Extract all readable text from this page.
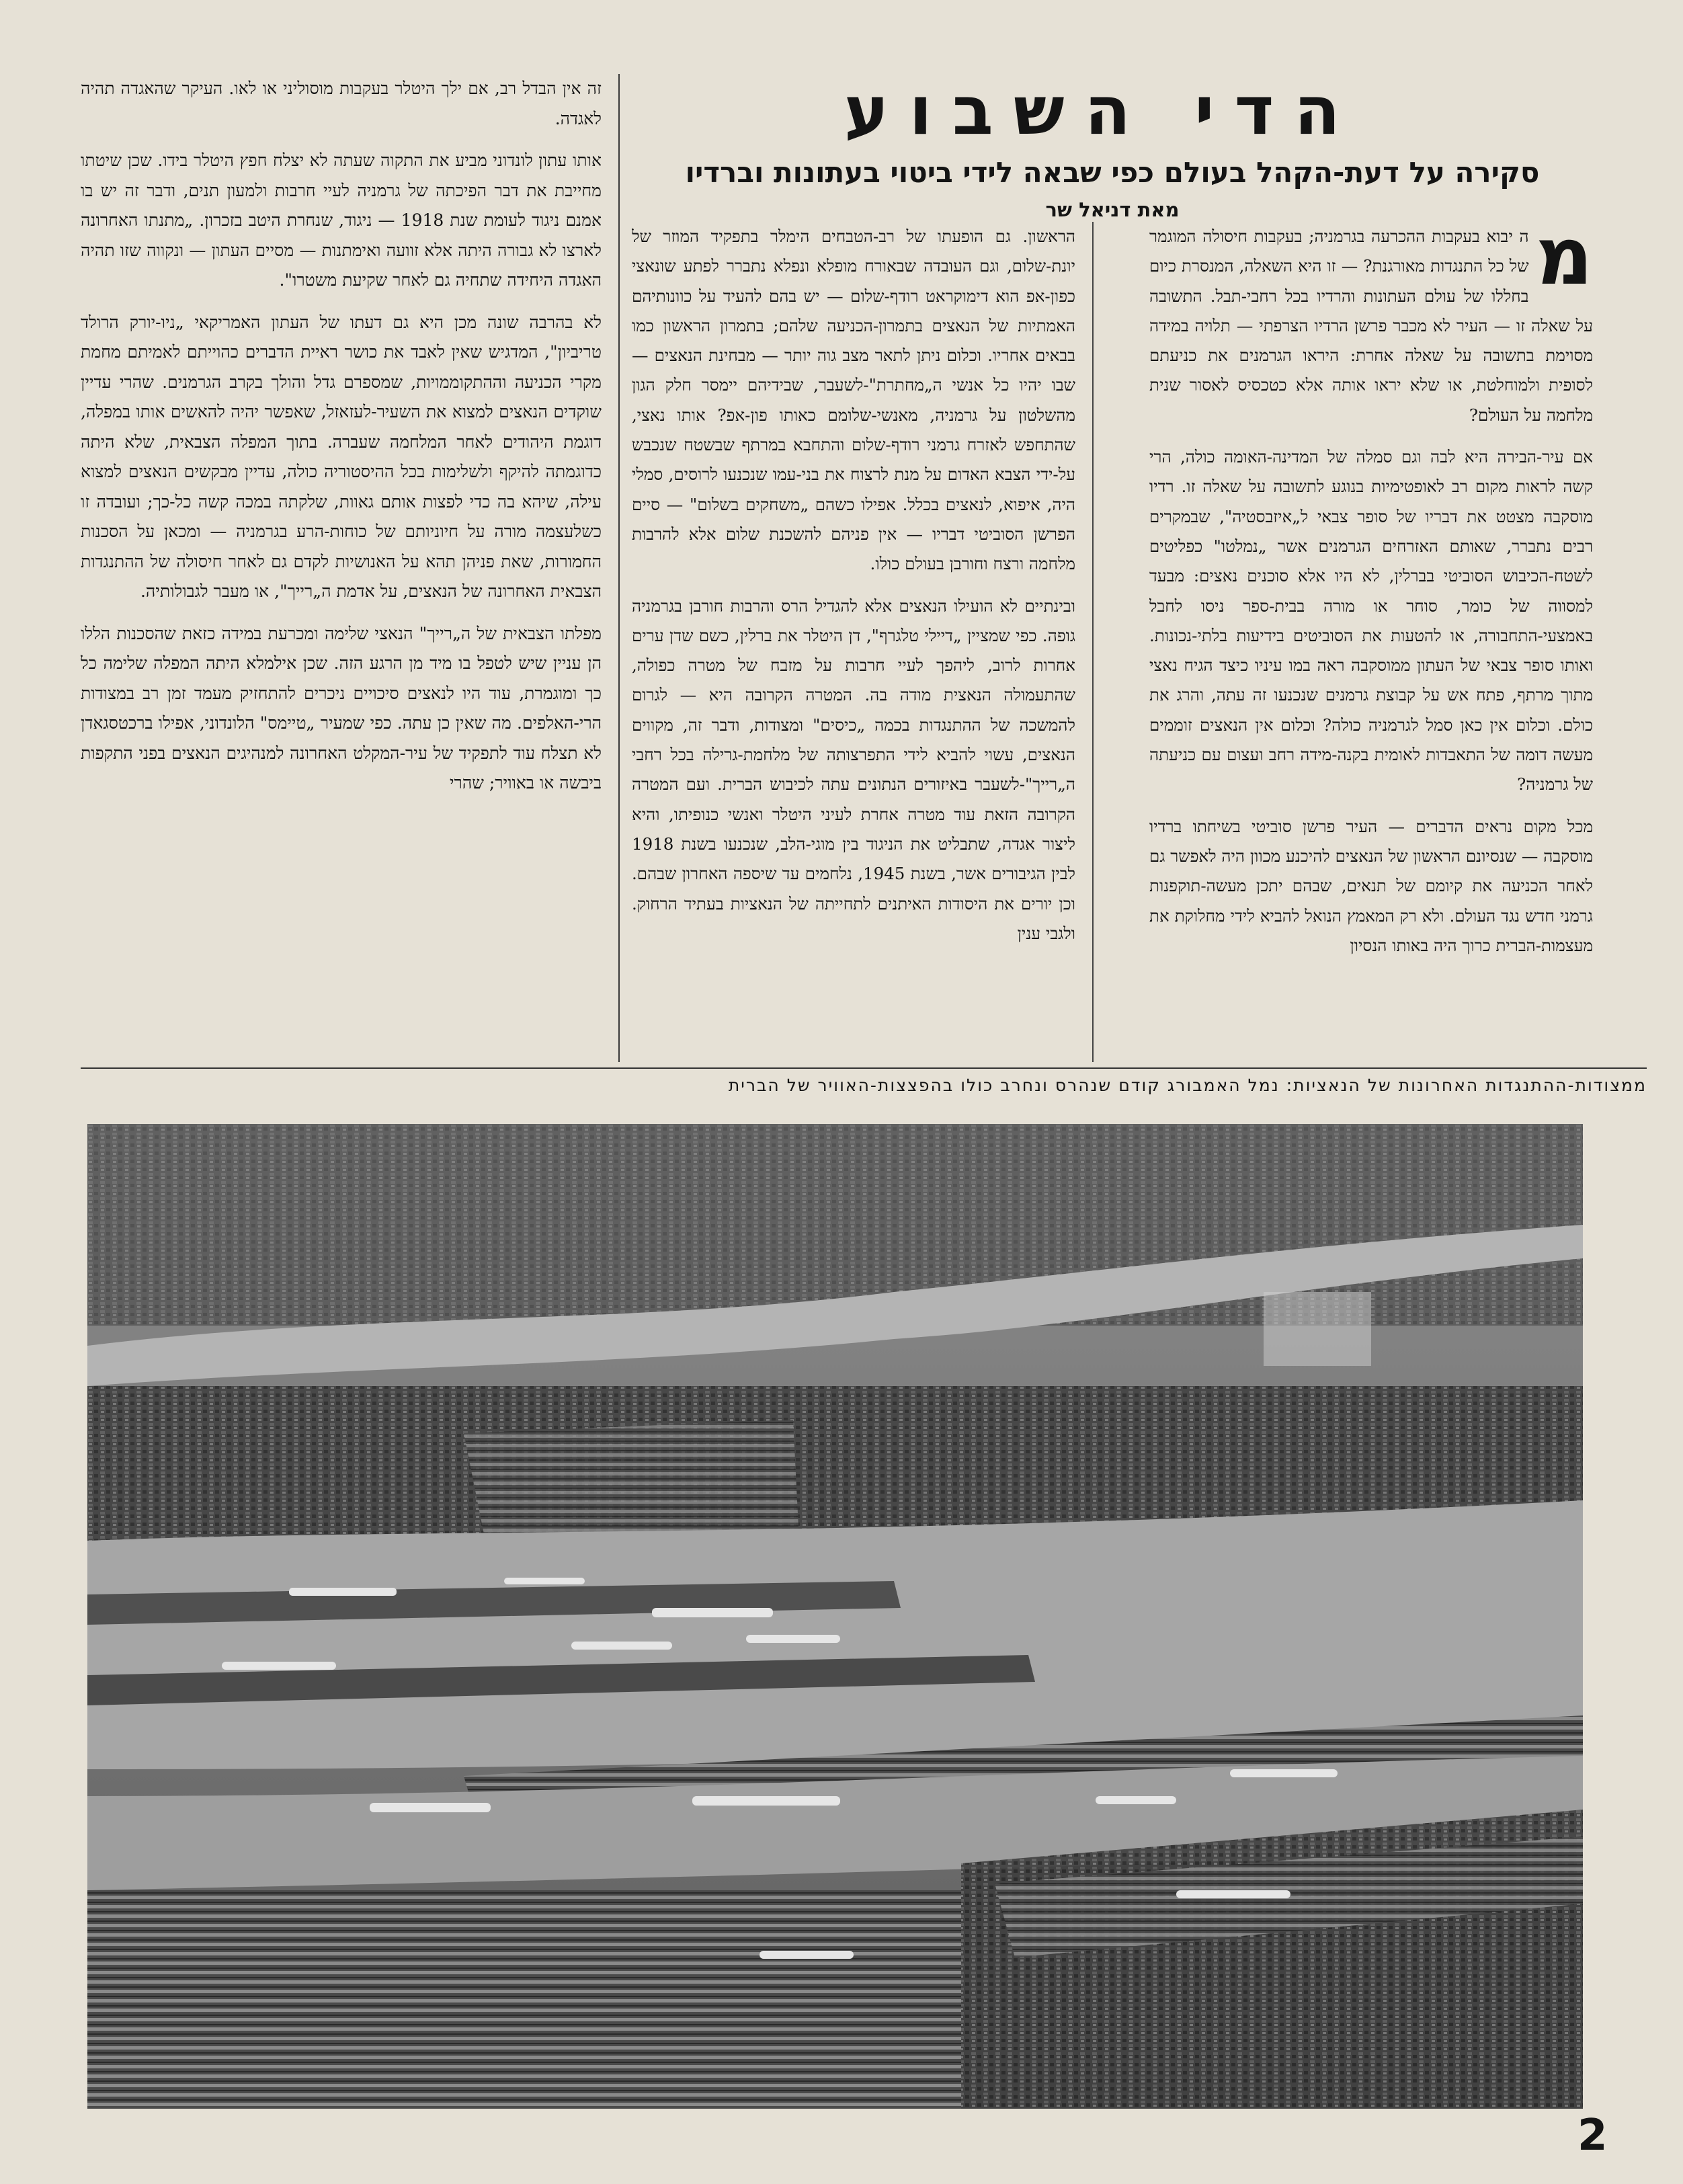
זה אין הבדל רב, אם ילך היטלר בעקבות מוסוליני או לאו. העיקר שהאגדה תהיה לאגדה.

אותו עתון לונדוני מביע את התקוה שעתה לא יצלח חפץ היטלר בידו. שכן שיטתו מחייבת את דבר הפיכתה של גרמניה לעיי חרבות ולמעון תנים, ודבר זה יש בו אמנם ניגוד לעומת שנת 1918 — ניגוד, שנחרת היטב בזכרון. „מתנתו האחרונה לארצו לא גבורה היתה אלא זוועה ואימתנות — מסיים העתון — ונקווה שזו תהיה האגדה היחידה שתחיה גם לאחר שקיעת משטרו".

לא בהרבה שונה מכן היא גם דעתו של העתון האמריקאי „ניו-יורק הרולד טריביון", המדגיש שאין לאבד את כושר ראיית הדברים כהוייתם לאמיתם מחמת מקרי הכניעה וההתקוממויות, שמספרם גדל והולך בקרב הגרמנים. שהרי עדיין שוקדים הנאצים למצוא את השעיר-לעזאזל, שאפשר יהיה להאשים אותו במפלה, דוגמת היהודים לאחר המלחמה שעברה. בתוך המפלה הצבאית, שלא היתה כדוגמתה להיקף ולשלימות בכל ההיסטוריה כולה, עדיין מבקשים הנאצים למצוא עילה, שיהא בה כדי לפצות אותם גאוות, שלקתה במכה קשה כל-כך; ועובדה זו כשלעצמה מורה על חיוניותם של כוחות-הרע בגרמניה — ומכאן על הסכנות החמורות, שאת פניהן תהא על האנושיות לקדם גם לאחר חיסולה של ההתנגדות הצבאית האחרונה של הנאצים, על אדמת ה„רייך", או מעבר לגבולותיה.

מפלתו הצבאית של ה„רייך" הנאצי שלימה ומכרעת במידה כזאת שהסכנות הללו הן עניין שיש לטפל בו מיד מן הרגע הזה. שכן אילמלא היתה המפלה שלימה כל כך ומוגמרת, עוד היו לנאצים סיכויים ניכרים להתחזיק מעמד זמן רב במצודות הרי-האלפים. מה שאין כן עתה. כפי שמעיר „טיימס" הלונדוני, אפילו ברכטסגאדן לא תצלח עוד לתפקיד של עיר-המקלט האחרונה למנהיגים הנאצים בפני התקפות ביבשה או באוויר; שהרי

הדי השבוע
סקירה על דעת-הקהל בעולם כפי שבאה לידי ביטוי בעתונות וברדיו
מאת דניאל שר	מ
ה יבוא בעקבות ההכרעה בגרמניה; בעקבות חיסולה המוגמר של כל התנגדות מאורגנת? — זו היא השאלה, המנסרת כיום בחללו של עולם העתונות והרדיו בכל רחבי-תבל. התשובה על שאלה זו — העיר לא מכבר פרשן הרדיו הצרפתי — תלויה במידה מסוימת בתשובה על שאלה אחרת: היראו הגרמנים את כניעתם לסופית ולמוחלטת, או שלא יראו אותה אלא כטכסיס לאסור שנית מלחמה על העולם?

אם עיר-הבירה היא לבה וגם סמלה של המדינה-האומה כולה, הרי קשה לראות מקום רב לאופטימיות בנוגע לתשובה על שאלה זו. רדיו מוסקבה מצטט את דבריו של סופר צבאי ל„איזבסטיה", שבמקרים רבים נתברר, שאותם האזרחים הגרמנים אשר „נמלטו" כפליטים לשטח-הכיבוש הסוביטי בברלין, לא היו אלא סוכנים נאצים: מבעד למסווה של כומר, סוחר או מורה בבית-ספר ניסו לחבל באמצעי-התחבורה, או להטעות את הסוביטים בידיעות בלתי-נכונות. ואותו סופר צבאי של העתון ממוסקבה ראה במו עיניו כיצד הגיח נאצי מתוך מרתף, פתח אש על קבוצת גרמנים שנכנעו זה עתה, והרג את כולם. וכלום אין כאן סמל לגרמניה כולה? וכלום אין הנאצים זוממים מעשה דומה של התאבדות לאומית בקנה-מידה רחב ועצום עם כניעתה של גרמניה?

מכל מקום נראים הדברים — העיר פרשן סוביטי בשיחתו ברדיו מוסקבה — שנסיונם הראשון של הנאצים להיכנע מכוון היה לאפשר גם לאחר הכניעה את קיומם של תנאים, שבהם יתכן מעשה-תוקפנות גרמני חדש נגד העולם. ולא רק המאמץ הנואל להביא לידי מחלוקת את מעצמות-הברית כרוך היה באותו הנסיון

הראשון. גם הופעתו של רב-הטבחים הימלר בתפקיד המוזר של יונת-שלום, וגם העובדה שבאורח מופלא ונפלא נתברר לפתע שונאצי כפון-אפ הוא דימוקראט רודף-שלום — יש בהם להעיד על כוונותיהם האמתיות של הנאצים בתמרון-הכניעה שלהם; בתמרון הראשון כמו בבאים אחריו. וכלום ניתן לתאר מצב גוה יותר — מבחינת הנאצים — שבו יהיו כל אנשי ה„מחתרת"-לשעבר, שבידיהם יימסר חלק הגון מהשלטון על גרמניה, מאנשי-שלומם כאותו פון-אפ? אותו נאצי, שהתחפש לאזרח גרמני רודף-שלום והתחבא במרתף שבשטח שנכבש על-ידי הצבא האדום על מנת לרצוח את בני-עמו שנכנעו לרוסים, סמלי היה, איפוא, לנאצים בכלל. אפילו כשהם „משחקים בשלום" — סיים הפרשן הסוביטי דבריו — אין פניהם להשכנת שלום אלא להרבות מלחמה ורצח וחורבן בעולם כולו.

ובינתיים לא הועילו הנאצים אלא להגדיל הרס והרבות חורבן בגרמניה גופה. כפי שמציין „דיילי טלגרף", דן היטלר את ברלין, כשם שדן ערים אחרות לרוב, ליהפך לעיי חרבות על מזבח של מטרה כפולה, שהתעמולה הנאצית מודה בה. המטרה הקרובה היא — לגרום להמשכה של ההתנגדות בכמה „כיסים" ומצודות, ודבר זה, מקווים הנאצים, עשוי להביא לידי התפרצותה של מלחמת-גרילה בכל רחבי ה„רייך"-לשעבר באיזורים הנתונים עתה לכיבוש הברית. ועם המטרה הקרובה הזאת עוד מטרה אחרת לעיני היטלר ואנשי כנופיתו, והיא ליצור אגדה, שתבליט את הניגוד בין מוגי-הלב, שנכנעו בשנת 1918 לבין הגיבורים אשר, בשנת 1945, נלחמים עד שיספה האחרון שבהם. וכן יורים את היסודות האיתנים לתחייתה של הנאציות בעתיד הרחוק. ולגבי ענין

ממצודות-ההתנגדות האחרונות של הנאציות: נמל האמבורג קודם שנהרס ונחרב כולו בהפצצות-האוויר של הברית
2
